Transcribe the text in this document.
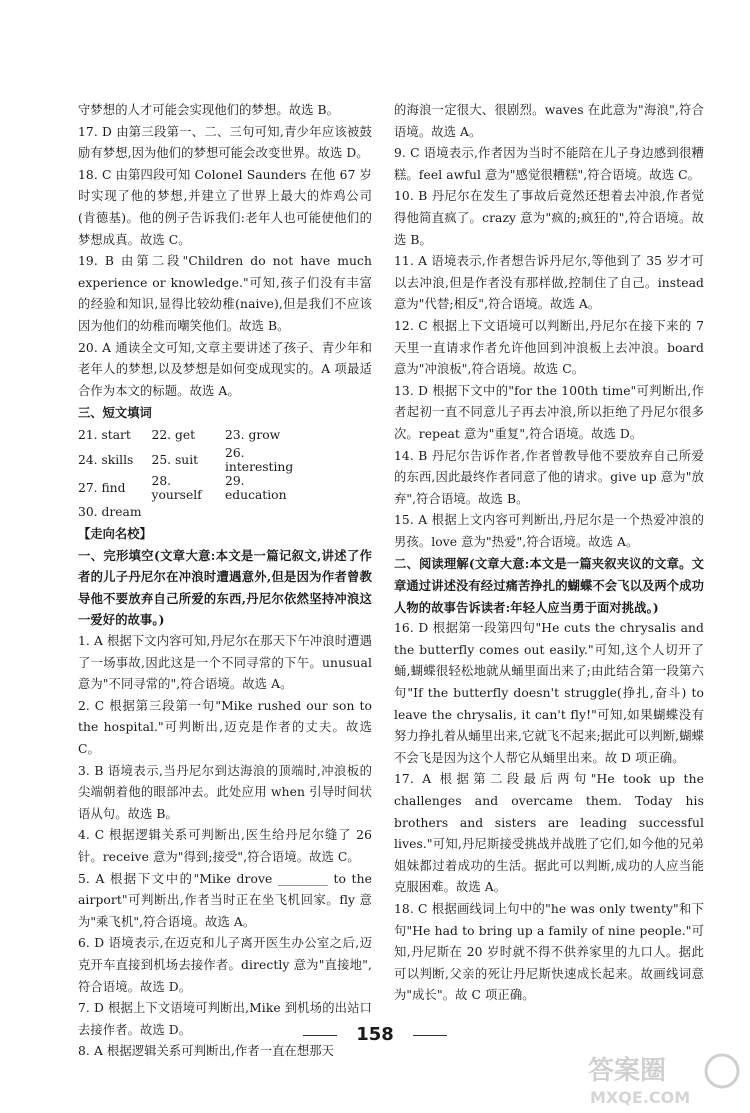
守梦想的人才可能会实现他们的梦想。故选 B。

17. D 由第三段第一、二、三句可知,青少年应该被鼓励有梦想,因为他们的梦想可能会改变世界。故选 D。

18. C 由第四段可知 Colonel Saunders 在他 67 岁时实现了他的梦想,并建立了世界上最大的炸鸡公司(肯德基)。他的例子告诉我们:老年人也可能使他们的梦想成真。故选 C。

19. B 由第二段"Children do not have much experience or knowledge."可知,孩子们没有丰富的经验和知识,显得比较幼稚(naive),但是我们不应该因为他们的幼稚而嘲笑他们。故选 B。

20. A 通读全文可知,文章主要讲述了孩子、青少年和老年人的梦想,以及梦想是如何变成现实的。A 项最适合作为本文的标题。故选 A。

三、短文填词

21. start	22. get	23. grow	
24. skills	25. suit	26. interesting	
27. find	28. yourself	29. education	
30. dream			

【走向名校】

一、完形填空(文章大意:本文是一篇记叙文,讲述了作者的儿子丹尼尔在冲浪时遭遇意外,但是因为作者曾教导他不要放弃自己所爱的东西,丹尼尔依然坚持冲浪这一爱好的故事。)

1. A 根据下文内容可知,丹尼尔在那天下午冲浪时遭遇了一场事故,因此这是一个不同寻常的下午。unusual 意为"不同寻常的",符合语境。故选 A。

2. C 根据第三段第一句"Mike rushed our son to the hospital."可判断出,迈克是作者的丈夫。故选 C。

3. B 语境表示,当丹尼尔到达海浪的顶端时,冲浪板的尖端朝着他的眼部冲去。此处应用 when 引导时间状语从句。故选 B。

4. C 根据逻辑关系可判断出,医生给丹尼尔缝了 26 针。receive 意为"得到;接受",符合语境。故选 C。

5. A 根据下文中的"Mike drove ________ to the airport"可判断出,作者当时正在坐飞机回家。fly 意为"乘飞机",符合语境。故选 A。

6. D 语境表示,在迈克和儿子离开医生办公室之后,迈克开车直接到机场去接作者。directly 意为"直接地",符合语境。故选 D。

7. D 根据上下文语境可判断出,Mike 到机场的出站口去接作者。故选 D。

8. A 根据逻辑关系可判断出,作者一直在想那天

的海浪一定很大、很剧烈。waves 在此意为"海浪",符合语境。故选 A。

9. C 语境表示,作者因为当时不能陪在儿子身边感到很糟糕。feel awful 意为"感觉很糟糕",符合语境。故选 C。

10. B 丹尼尔在发生了事故后竟然还想着去冲浪,作者觉得他简直疯了。crazy 意为"疯的;疯狂的",符合语境。故选 B。

11. A 语境表示,作者想告诉丹尼尔,等他到了 35 岁才可以去冲浪,但是作者没有那样做,控制住了自己。instead 意为"代替;相反",符合语境。故选 A。

12. C 根据上下文语境可以判断出,丹尼尔在接下来的 7 天里一直请求作者允许他回到冲浪板上去冲浪。board 意为"冲浪板",符合语境。故选 C。

13. D 根据下文中的"for the 100th time"可判断出,作者起初一直不同意儿子再去冲浪,所以拒绝了丹尼尔很多次。repeat 意为"重复",符合语境。故选 D。

14. B 丹尼尔告诉作者,作者曾教导他不要放弃自己所爱的东西,因此最终作者同意了他的请求。give up 意为"放弃",符合语境。故选 B。

15. A 根据上文内容可判断出,丹尼尔是一个热爱冲浪的男孩。love 意为"热爱",符合语境。故选 A。

二、阅读理解(文章大意:本文是一篇夹叙夹议的文章。文章通过讲述没有经过痛苦挣扎的蝴蝶不会飞以及两个成功人物的故事告诉读者:年轻人应当勇于面对挑战。)

16. D 根据第一段第四句"He cuts the chrysalis and the butterfly comes out easily."可知,这个人切开了蛹,蝴蝶很轻松地就从蛹里面出来了;由此结合第一段第六句"If the butterfly doesn't struggle(挣扎,奋斗) to leave the chrysalis, it can't fly!"可知,如果蝴蝶没有努力挣扎着从蛹里出来,它就飞不起来;据此可以判断,蝴蝶不会飞是因为这个人帮它从蛹里出来。故 D 项正确。

17. A 根据第二段最后两句"He took up the challenges and overcame them. Today his brothers and sisters are leading successful lives."可知,丹尼斯接受挑战并战胜了它们,如今他的兄弟姐妹都过着成功的生活。据此可以判断,成功的人应当能克服困难。故选 A。

18. C 根据画线词上句中的"he was only twenty"和下句"He had to bring up a family of nine people."可知,丹尼斯在 20 岁时就不得不供养家里的九口人。据此可以判断,父亲的死让丹尼斯快速成长起来。故画线词意为"成长"。故 C 项正确。

158
答案圈
MXQE.COM
